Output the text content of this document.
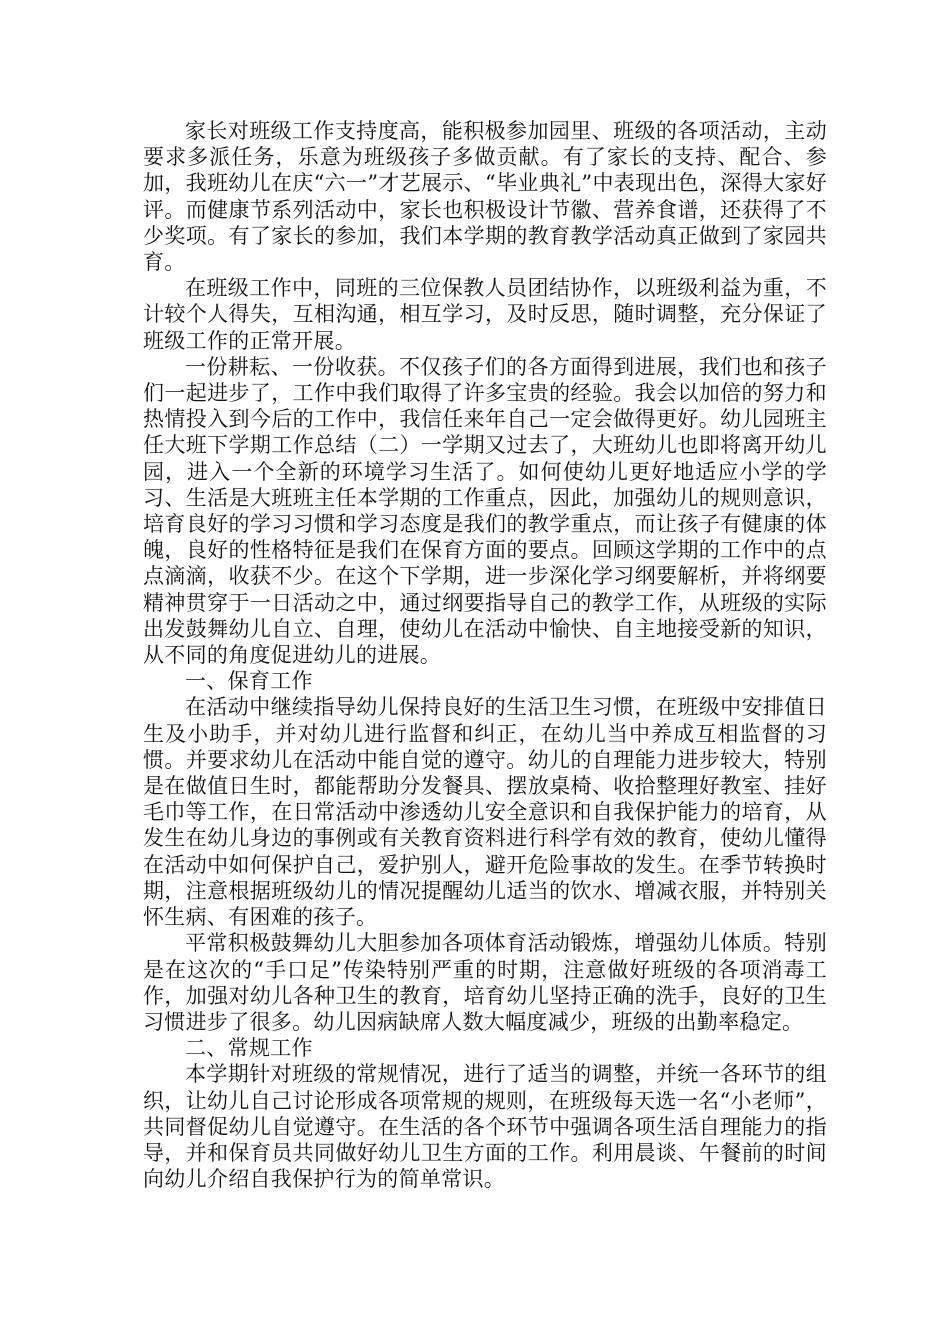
家长对班级工作支持度高，能积极参加园里、班级的各项活动，主动要求多派任务，乐意为班级孩子多做贡献。有了家长的支持、配合、参加，我班幼儿在庆“六一”才艺展示、“毕业典礼”中表现出色，深得大家好评。而健康节系列活动中，家长也积极设计节徽、营养食谱，还获得了不少奖项。有了家长的参加，我们本学期的教育教学活动真正做到了家园共育。

在班级工作中，同班的三位保教人员团结协作，以班级利益为重，不计较个人得失，互相沟通，相互学习，及时反思，随时调整，充分保证了班级工作的正常开展。

一份耕耘、一份收获。不仅孩子们的各方面得到进展，我们也和孩子们一起进步了，工作中我们取得了许多宝贵的经验。我会以加倍的努力和热情投入到今后的工作中，我信任来年自己一定会做得更好。幼儿园班主任大班下学期工作总结（二）一学期又过去了，大班幼儿也即将离开幼儿园，进入一个全新的环境学习生活了。如何使幼儿更好地适应小学的学习、生活是大班班主任本学期的工作重点，因此，加强幼儿的规则意识，培育良好的学习习惯和学习态度是我们的教学重点，而让孩子有健康的体魄，良好的性格特征是我们在保育方面的要点。回顾这学期的工作中的点点滴滴，收获不少。在这个下学期，进一步深化学习纲要解析，并将纲要精神贯穿于一日活动之中，通过纲要指导自己的教学工作，从班级的实际出发鼓舞幼儿自立、自理，使幼儿在活动中愉快、自主地接受新的知识，从不同的角度促进幼儿的进展。

一、保育工作

在活动中继续指导幼儿保持良好的生活卫生习惯，在班级中安排值日生及小助手，并对幼儿进行监督和纠正，在幼儿当中养成互相监督的习惯。并要求幼儿在活动中能自觉的遵守。幼儿的自理能力进步较大，特别是在做值日生时，都能帮助分发餐具、摆放桌椅、收拾整理好教室、挂好毛巾等工作，在日常活动中渗透幼儿安全意识和自我保护能力的培育，从发生在幼儿身边的事例或有关教育资料进行科学有效的教育，使幼儿懂得在活动中如何保护自己，爱护别人，避开危险事故的发生。在季节转换时期，注意根据班级幼儿的情况提醒幼儿适当的饮水、增减衣服，并特别关怀生病、有困难的孩子。

平常积极鼓舞幼儿大胆参加各项体育活动锻炼，增强幼儿体质。特别是在这次的“手口足”传染特别严重的时期，注意做好班级的各项消毒工作，加强对幼儿各种卫生的教育，培育幼儿坚持正确的洗手，良好的卫生习惯进步了很多。幼儿因病缺席人数大幅度减少，班级的出勤率稳定。

二、常规工作

本学期针对班级的常规情况，进行了适当的调整，并统一各环节的组织，让幼儿自己讨论形成各项常规的规则，在班级每天选一名“小老师”，共同督促幼儿自觉遵守。在生活的各个环节中强调各项生活自理能力的指导，并和保育员共同做好幼儿卫生方面的工作。利用晨谈、午餐前的时间向幼儿介绍自我保护行为的简单常识。
